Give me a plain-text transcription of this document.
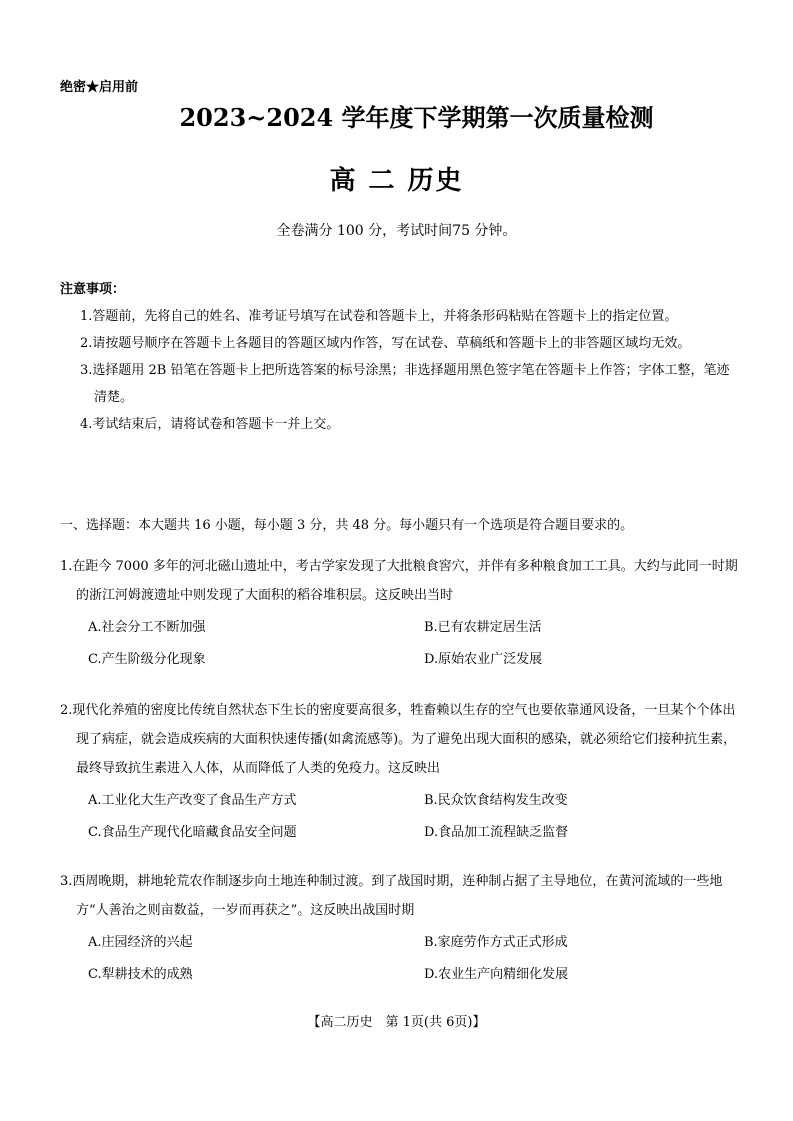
绝密★启用前
2023~2024 学年度下学期第一次质量检测
高 二 历史
全卷满分 100 分，考试时间75 分钟。
注意事项：
1.答题前，先将自己的姓名、准考证号填写在试卷和答题卡上，并将条形码粘贴在答题卡上的指定位置。
2.请按题号顺序在答题卡上各题目的答题区域内作答，写在试卷、草稿纸和答题卡上的非答题区域均无效。
3.选择题用 2B 铅笔在答题卡上把所选答案的标号涂黑；非选择题用黑色签字笔在答题卡上作答；字体工整，笔迹清楚。
4.考试结束后，请将试卷和答题卡一并上交。
一、选择题：本大题共 16 小题，每小题 3 分，共 48 分。每小题只有一个选项是符合题目要求的。
1.在距今 7000 多年的河北磁山遗址中，考古学家发现了大批粮食窖穴，并伴有多种粮食加工工具。大约与此同一时期的浙江河姆渡遗址中则发现了大面积的稻谷堆积层。这反映出当时
A.社会分工不断加强	B.已有农耕定居生活
C.产生阶级分化现象	D.原始农业广泛发展
2.现代化养殖的密度比传统自然状态下生长的密度要高很多，牲畜赖以生存的空气也要依靠通风设备，一旦某个个体出现了病症，就会造成疾病的大面积快速传播(如禽流感等)。为了避免出现大面积的感染，就必须给它们接种抗生素，最终导致抗生素进入人体，从而降低了人类的免疫力。这反映出
A.工业化大生产改变了食品生产方式	B.民众饮食结构发生改变
C.食品生产现代化暗藏食品安全问题	D.食品加工流程缺乏监督
3.西周晚期，耕地轮荒农作制逐步向土地连种制过渡。到了战国时期，连种制占据了主导地位，在黄河流域的一些地方“人善治之则亩数益，一岁而再获之”。这反映出战国时期
A.庄园经济的兴起	B.家庭劳作方式正式形成
C.犁耕技术的成熟	D.农业生产向精细化发展
【高二历史　第 1页(共 6页)】
